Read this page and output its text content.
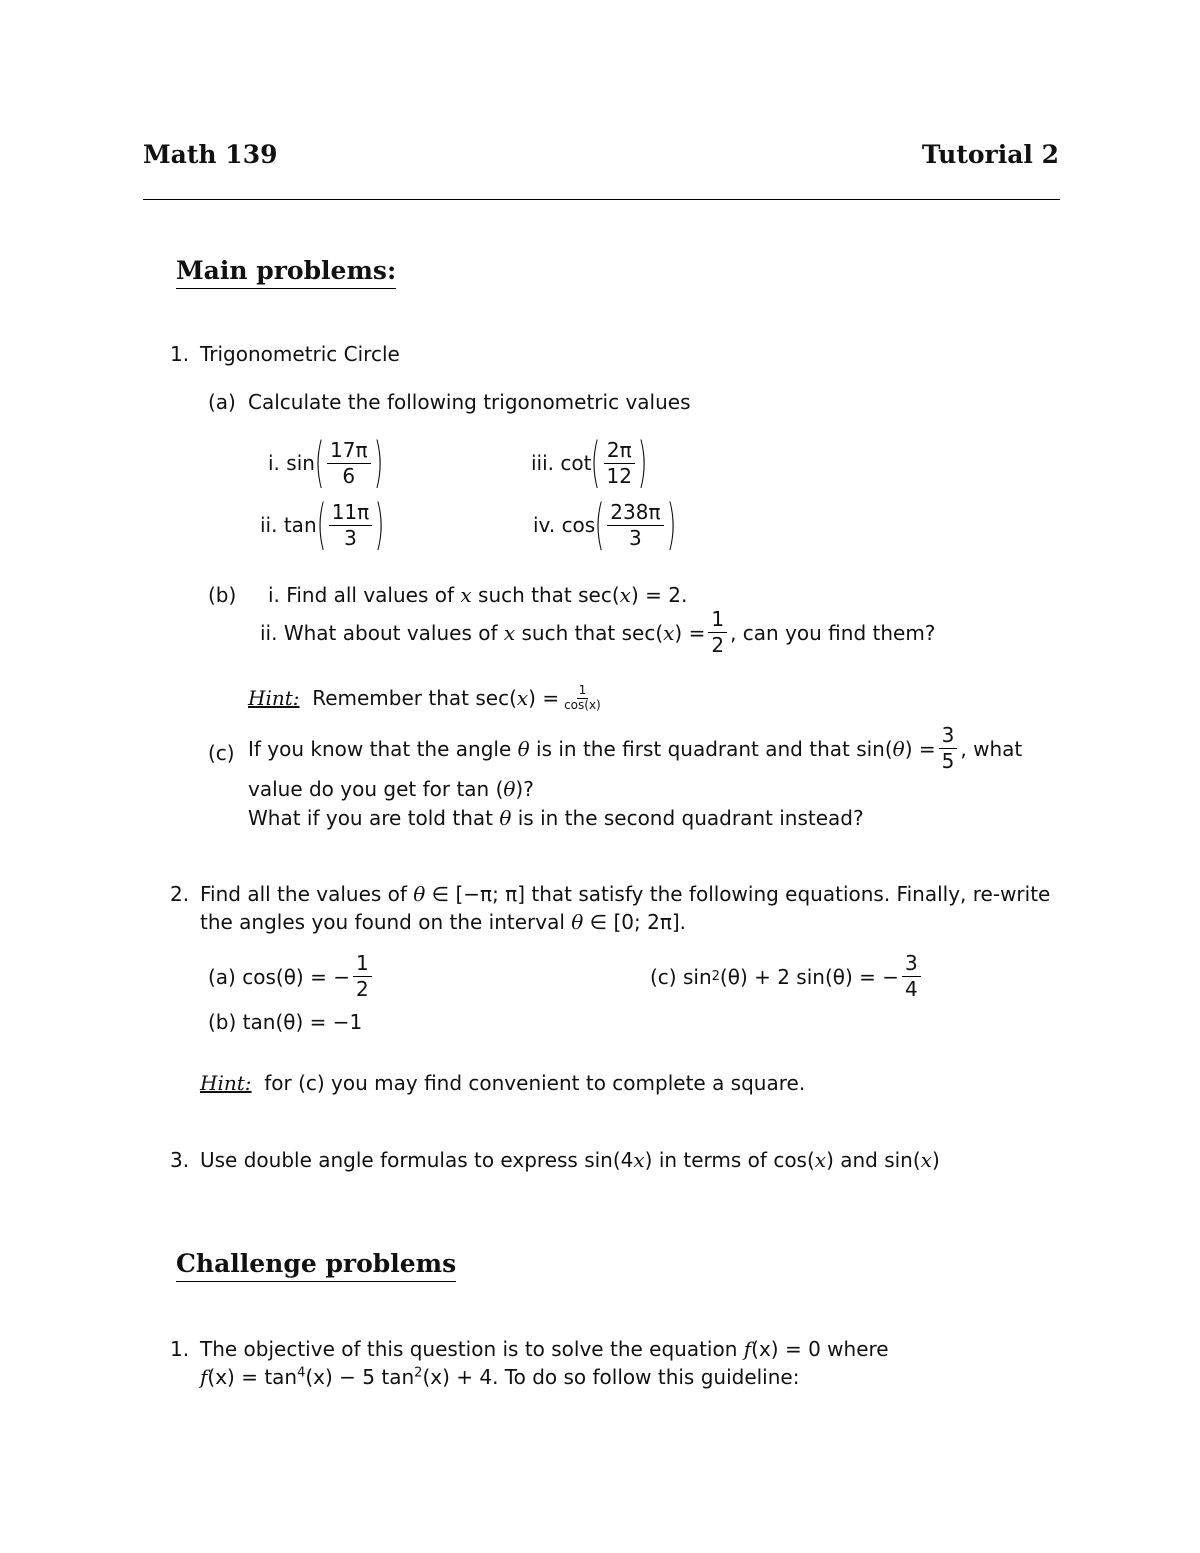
Math 139	Tutorial 2
Main problems:
1. Trigonometric Circle
(a) Calculate the following trigonometric values
i.
sin ( $\frac{17\pi}{6}$ )
ii.
tan ( $\frac{11\pi}{3}$ )
iii.
cot ( $\frac{2\pi}{12}$ )
iv.
cos ( $\frac{238\pi}{3}$ )
(b) i. Find all values of x such that sec(x) = 2.
ii.
What about values of
x
such that sec( x ) = $\frac{1}{2}$ , can you find them?
Hint:
Remember that sec( x ) = $\frac{1}{\cos(x)}$
(c) If you know that the angle
θ
is in the first quadrant and that sin( θ ) = $\frac{3}{5}$ , what
value do you get for tan (θ)?
What if you are told that θ is in the second quadrant instead?
2. Find all the values of θ ∈ [−π; π] that satisfy the following equations. Finally, re-write
the angles you found on the interval θ ∈ [0; 2π].
(a)
cos(θ) = − $\frac{1}{2}$
(b) tan(θ) = −1
(c)
sin 2 (θ) + 2 sin(θ) = − $\frac{3}{4}$
Hint: for (c) you may find convenient to complete a square.
3. Use double angle formulas to express sin(4x) in terms of cos(x) and sin(x)
Challenge problems
1. The objective of this question is to solve the equation f(x) = 0 where
$f(x) = \tan^4(x) - 5$ $\tan^2(x) + 4$. To do so follow this guideline:
